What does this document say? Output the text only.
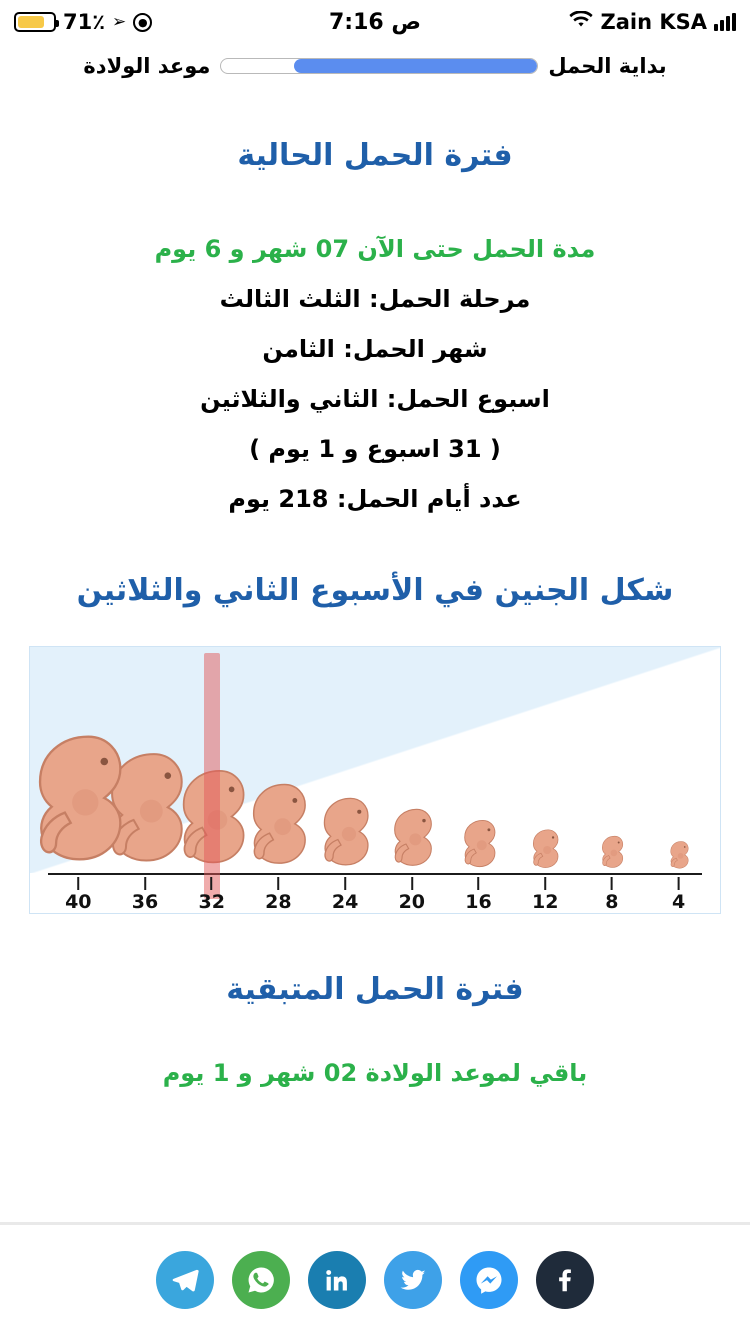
71٪ ➢	●	7:16 ص	Zain KSA
بداية الحمل
موعد الولادة
فترة الحمل الحالية
مدة الحمل حتى الآن 07 شهر و 6 يوم
مرحلة الحمل: الثلث الثالث
شهر الحمل: الثامن
اسبوع الحمل: الثاني والثلاثين
( 31 اسبوع و 1 يوم )
عدد أيام الحمل: 218 يوم
شكل الجنين في الأسبوع الثاني والثلاثين
4
8
12
16
20
24
28
32
36
40
فترة الحمل المتبقية
باقي لموعد الولادة 02 شهر و 1 يوم
